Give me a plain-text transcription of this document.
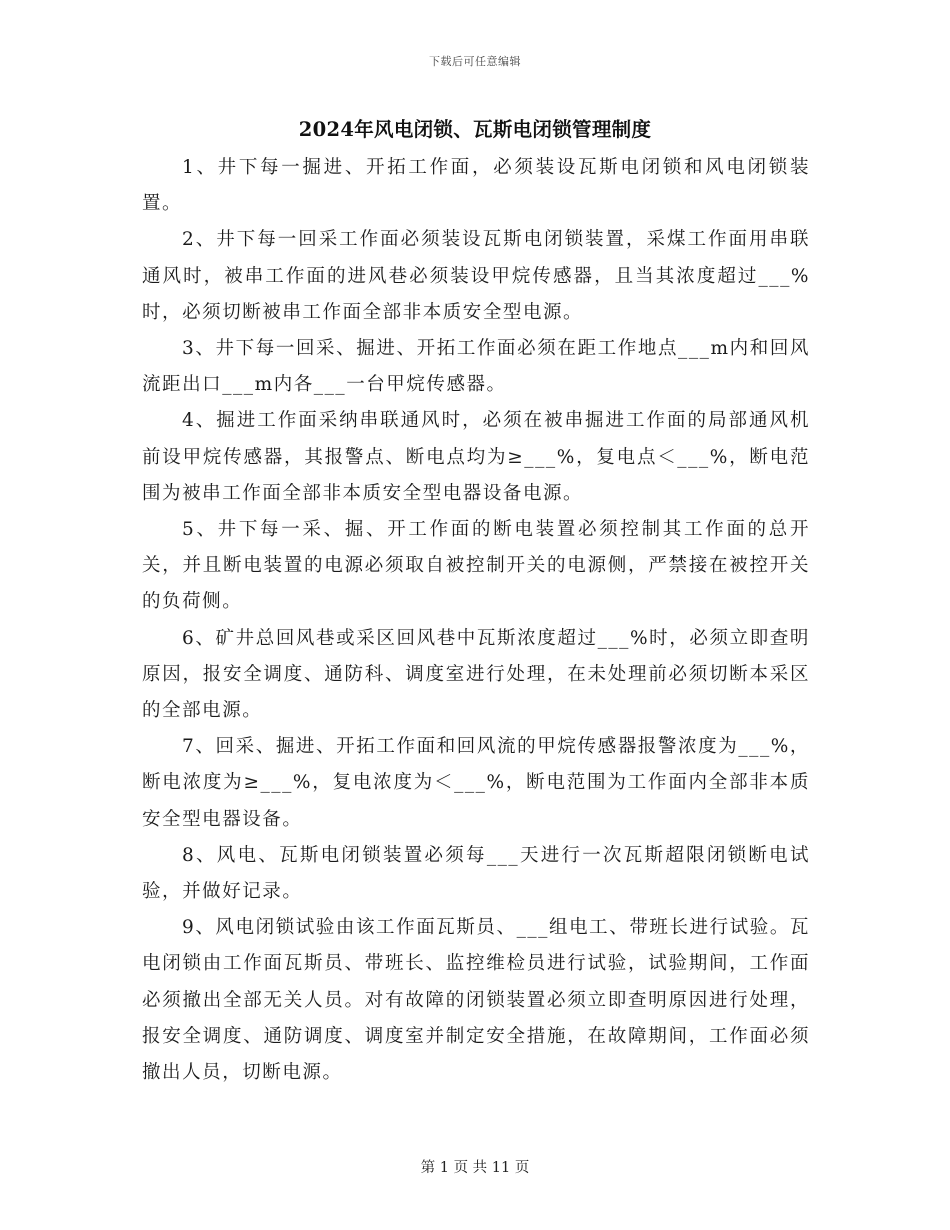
下载后可任意编辑
2024年风电闭锁、瓦斯电闭锁管理制度

1、井下每一掘进、开拓工作面，必须装设瓦斯电闭锁和风电闭锁装置。

2、井下每一回采工作面必须装设瓦斯电闭锁装置，采煤工作面用串联通风时，被串工作面的进风巷必须装设甲烷传感器，且当其浓度超过___%时，必须切断被串工作面全部非本质安全型电源。

3、井下每一回采、掘进、开拓工作面必须在距工作地点___m内和回风流距出口___m内各___一台甲烷传感器。

4、掘进工作面采纳串联通风时，必须在被串掘进工作面的局部通风机前设甲烷传感器，其报警点、断电点均为≥___%，复电点＜___%，断电范围为被串工作面全部非本质安全型电器设备电源。

5、井下每一采、掘、开工作面的断电装置必须控制其工作面的总开关，并且断电装置的电源必须取自被控制开关的电源侧，严禁接在被控开关的负荷侧。

6、矿井总回风巷或采区回风巷中瓦斯浓度超过___%时，必须立即查明原因，报安全调度、通防科、调度室进行处理，在未处理前必须切断本采区的全部电源。

7、回采、掘进、开拓工作面和回风流的甲烷传感器报警浓度为___%，断电浓度为≥___%，复电浓度为＜___%，断电范围为工作面内全部非本质安全型电器设备。

8、风电、瓦斯电闭锁装置必须每___天进行一次瓦斯超限闭锁断电试验，并做好记录。

9、风电闭锁试验由该工作面瓦斯员、___组电工、带班长进行试验。瓦电闭锁由工作面瓦斯员、带班长、监控维检员进行试验，试验期间，工作面必须撤出全部无关人员。对有故障的闭锁装置必须立即查明原因进行处理，报安全调度、通防调度、调度室并制定安全措施，在故障期间，工作面必须撤出人员，切断电源。

第 1 页 共 11 页
